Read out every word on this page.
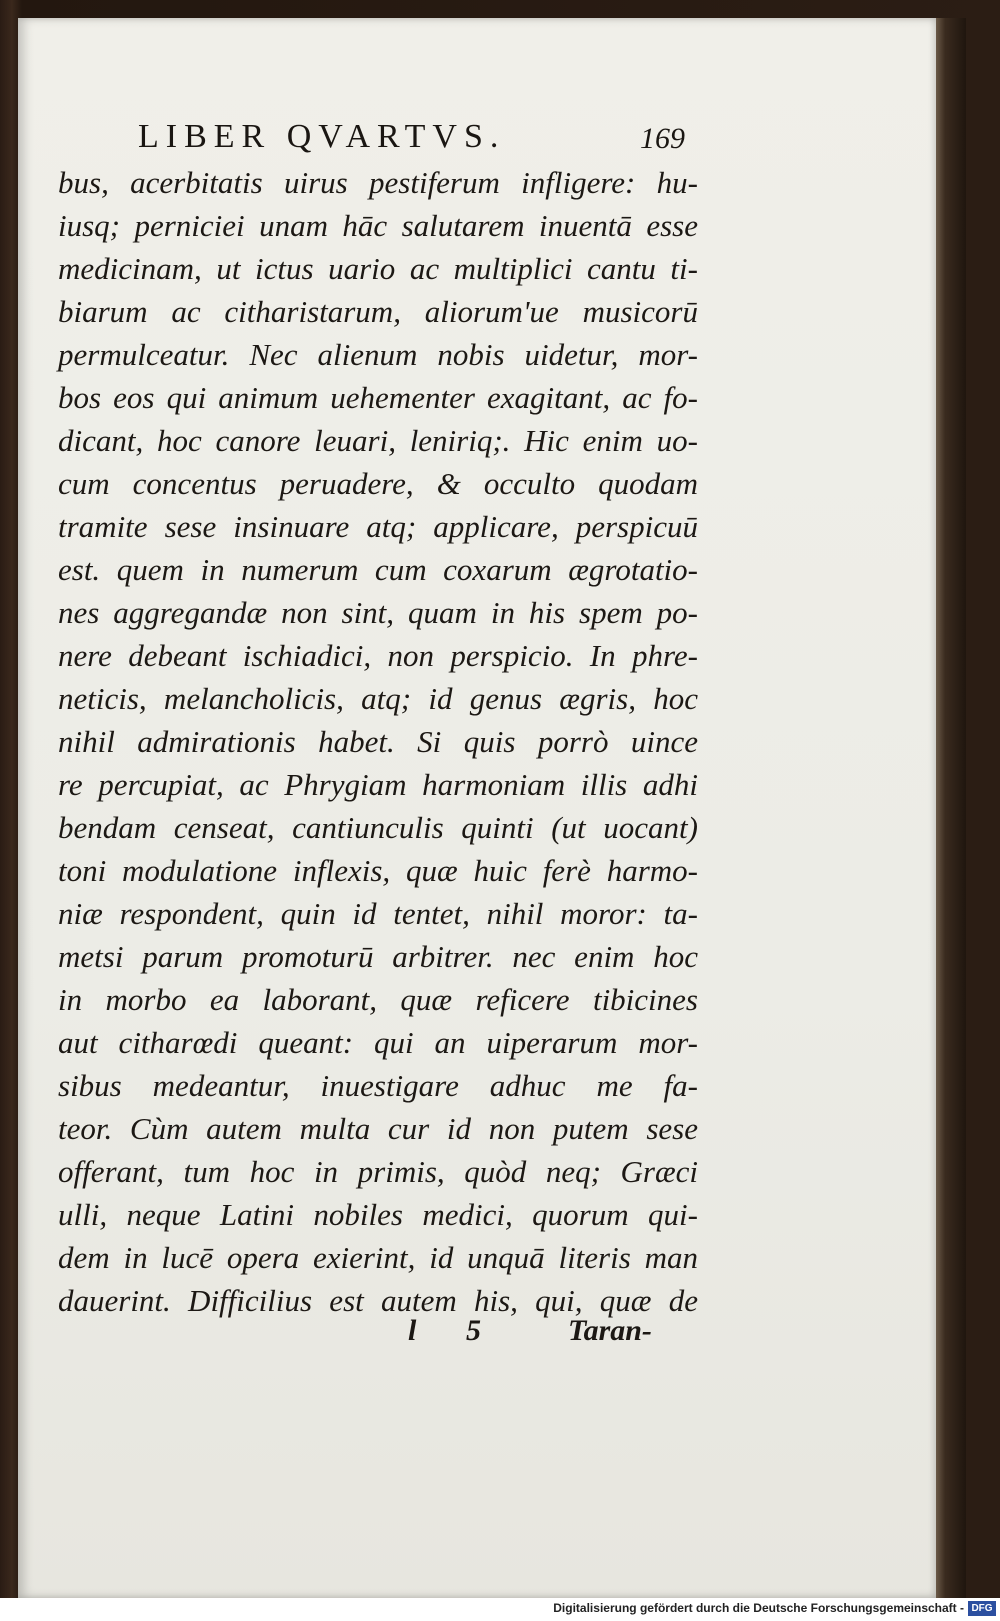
LIBER QVARTVS.	169
bus, acerbitatis uirus pestiferum infligere: hu-
iusq; perniciei unam hāc salutarem inuentā esse
medicinam, ut ictus uario ac multiplici cantu ti-
biarum ac citharistarum, aliorum'ue musicorū
permulceatur. Nec alienum nobis uidetur, mor-
bos eos qui animum uehementer exagitant, ac fo-
dicant, hoc canore leuari, leniriq;. Hic enim uo-
cum concentus peruadere, & occulto quodam
tramite sese insinuare atq; applicare, perspicuū
est. quem in numerum cum coxarum ægrotatio-
nes aggregandæ non sint, quam in his spem po-
nere debeant ischiadici, non perspicio. In phre-
neticis, melancholicis, atq; id genus ægris, hoc
nihil admirationis habet. Si quis porrò uince
re percupiat, ac Phrygiam harmoniam illis adhi
bendam censeat, cantiunculis quinti (ut uocant)
toni modulatione inflexis, quæ huic ferè harmo-
niæ respondent, quin id tentet, nihil moror: ta-
metsi parum promoturū arbitrer. nec enim hoc
in morbo ea laborant, quæ reficere tibicines
aut citharœdi queant: qui an uiperarum mor-
sibus medeantur, inuestigare adhuc me fa-
teor. Cùm autem multa cur id non putem sese
offerant, tum hoc in primis, quòd neq; Græci
ulli, neque Latini nobiles medici, quorum qui-
dem in lucē opera exierint, id unquā literis man
dauerint. Difficilius est autem his, qui, quæ de
l 5	Taran-
Digitalisierung gefördert durch die Deutsche Forschungsgemeinschaft - DFG
